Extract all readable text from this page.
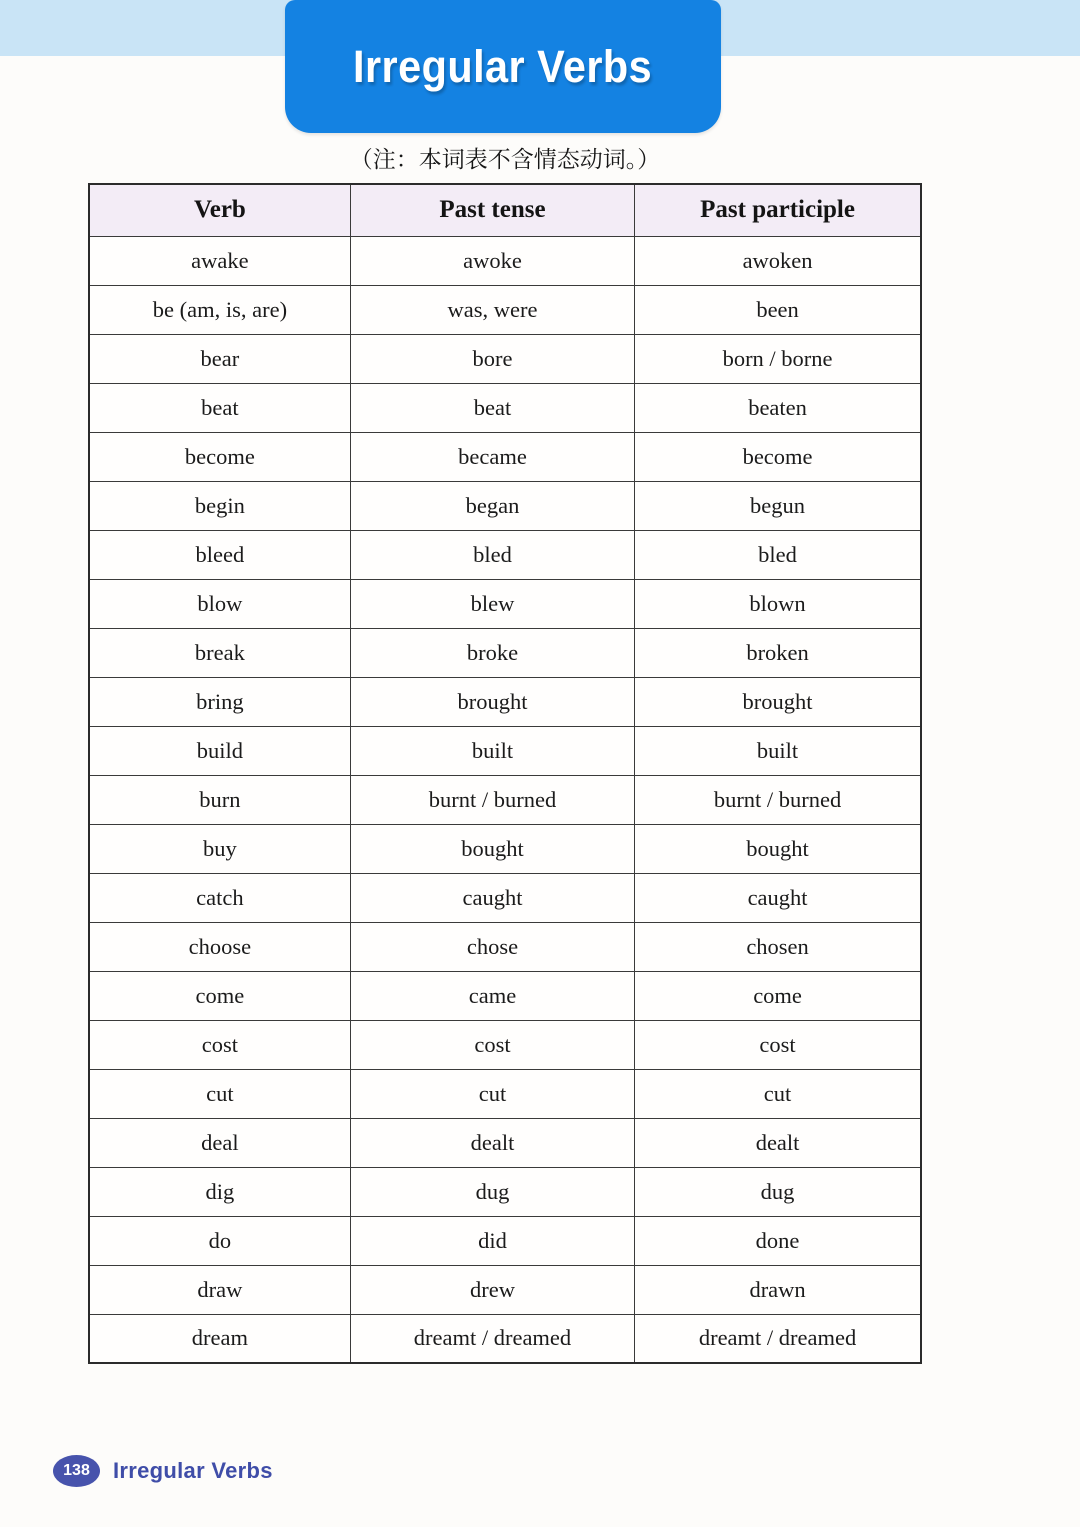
Irregular Verbs
（注：本词表不含情态动词。）
Verb	Past tense	Past participle
awake	awoke	awoken
be (am, is, are)	was, were	been
bear	bore	born / borne
beat	beat	beaten
become	became	become
begin	began	begun
bleed	bled	bled
blow	blew	blown
break	broke	broken
bring	brought	brought
build	built	built
burn	burnt / burned	burnt / burned
buy	bought	bought
catch	caught	caught
choose	chose	chosen
come	came	come
cost	cost	cost
cut	cut	cut
deal	dealt	dealt
dig	dug	dug
do	did	done
draw	drew	drawn
dream	dreamt / dreamed	dreamt / dreamed
138	Irregular Verbs
